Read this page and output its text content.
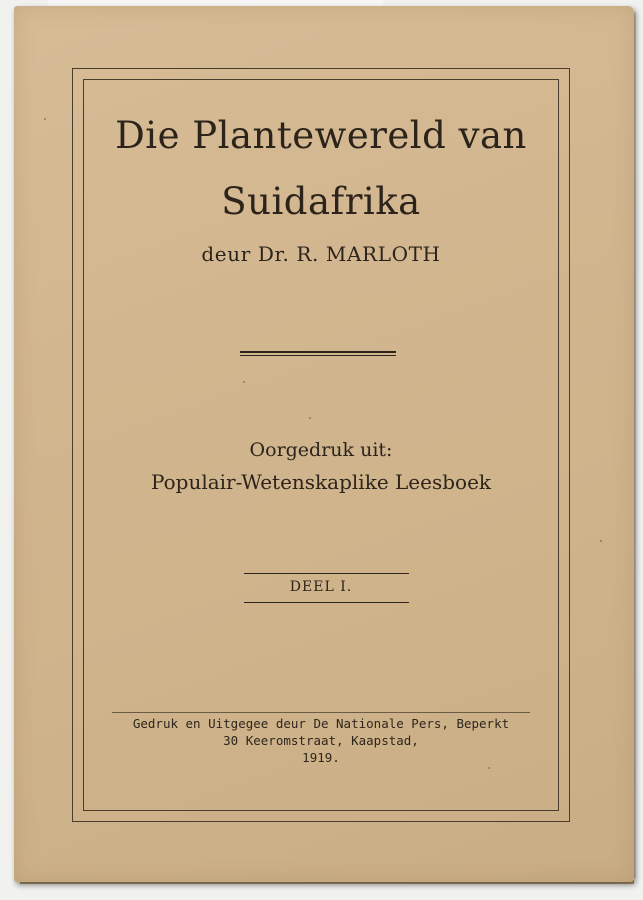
Die Plantewereld van
Suidafrika
deur Dr. R. MARLOTH
Oorgedruk uit:
Populair-Wetenskaplike Leesboek
DEEL I.
Gedruk en Uitgegee deur De Nationale Pers, Beperkt
30 Keeromstraat, Kaapstad,
1919.
